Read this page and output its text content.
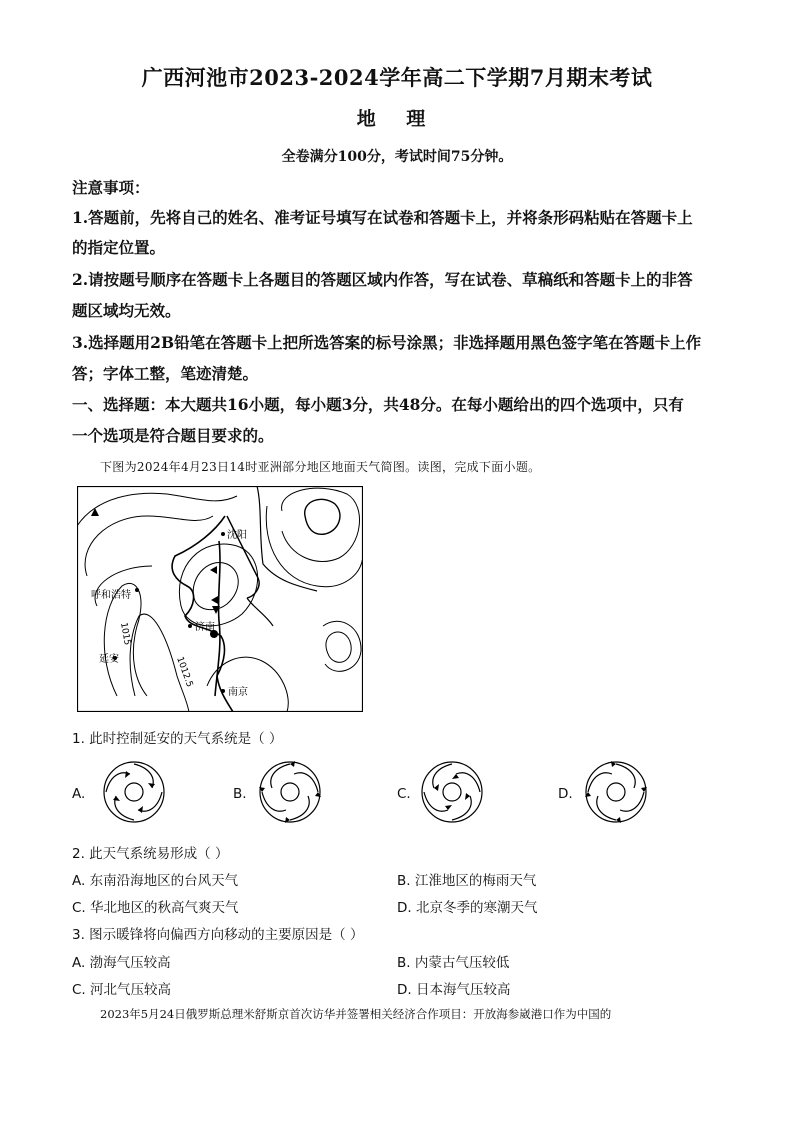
广西河池市2023-2024学年高二下学期7月期末考试
地 理
全卷满分100分，考试时间75分钟。
注意事项：
1.答题前，先将自己的姓名、准考证号填写在试卷和答题卡上，并将条形码粘贴在答题卡上
的指定位置。
2.请按题号顺序在答题卡上各题目的答题区域内作答，写在试卷、草稿纸和答题卡上的非答
题区域均无效。
3.选择题用2B铅笔在答题卡上把所选答案的标号涂黑；非选择题用黑色签字笔在答题卡上作
答；字体工整，笔迹清楚。
一、选择题：本大题共16小题，每小题3分，共48分。在每小题给出的四个选项中，只有
一个选项是符合题目要求的。
下图为2024年4月23日14时亚洲部分地区地面天气简图。读图，完成下面小题。
沈阳
呼和浩特
济南
延安
南京
1015
1012.5
1. 此时控制延安的天气系统是（ ）
A.	B.	C.	D.
2. 此天气系统易形成（ ）
A. 东南沿海地区的台风天气	B. 江淮地区的梅雨天气
C. 华北地区的秋高气爽天气	D. 北京冬季的寒潮天气
3. 图示暖锋将向偏西方向移动的主要原因是（ ）
A. 渤海气压较高	B. 内蒙古气压较低
C. 河北气压较高	D. 日本海气压较高
2023年5月24日俄罗斯总理米舒斯京首次访华并签署相关经济合作项目：开放海参崴港口作为中国的
